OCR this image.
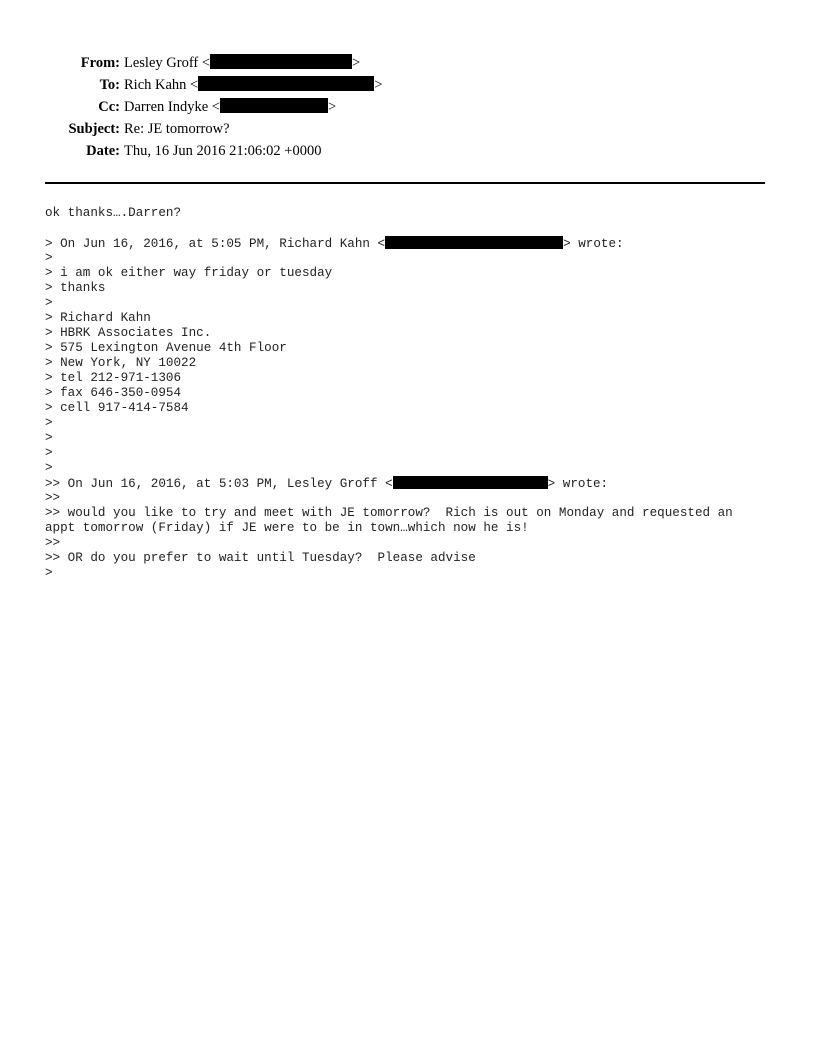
From: Lesley Groff <	>
To: Rich Kahn <	>
Cc: Darren Indyke <	>
Subject: Re: JE tomorrow?
Date: Thu, 16 Jun 2016 21:06:02 +0000
ok thanks….Darren?
> On Jun 16, 2016, at 5:05 PM, Richard Kahn <	> wrote:
>
> i am ok either way friday or tuesday
> thanks
>
> Richard Kahn
> HBRK Associates Inc.
> 575 Lexington Avenue 4th Floor
> New York, NY 10022
> tel 212-971-1306
> fax 646-350-0954
> cell 917-414-7584
>
>
>
>
>> On Jun 16, 2016, at 5:03 PM, Lesley Groff <	> wrote:
>>
>> would you like to try and meet with JE tomorrow?  Rich is out on Monday and requested an
appt tomorrow (Friday) if JE were to be in town…which now he is!
>>
>> OR do you prefer to wait until Tuesday?  Please advise
>
